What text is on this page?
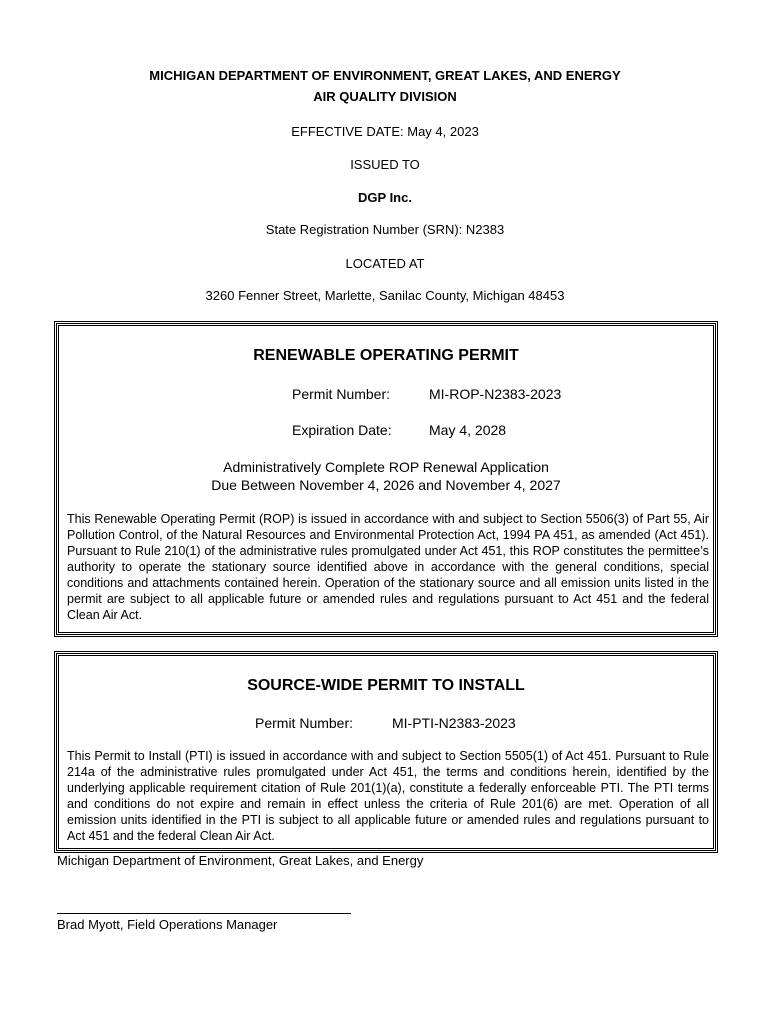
MICHIGAN DEPARTMENT OF ENVIRONMENT, GREAT LAKES, AND ENERGY
AIR QUALITY DIVISION
EFFECTIVE DATE: May 4, 2023
ISSUED TO
DGP Inc.
State Registration Number (SRN): N2383
LOCATED AT
3260 Fenner Street, Marlette, Sanilac County, Michigan 48453
RENEWABLE OPERATING PERMIT
Permit Number:	MI-ROP-N2383-2023
Expiration Date:	May 4, 2028
Administratively Complete ROP Renewal Application
Due Between November 4, 2026 and November 4, 2027
This Renewable Operating Permit (ROP) is issued in accordance with and subject to Section 5506(3) of Part 55, Air Pollution Control, of the Natural Resources and Environmental Protection Act, 1994 PA 451, as amended (Act 451). Pursuant to Rule 210(1) of the administrative rules promulgated under Act 451, this ROP constitutes the permittee’s authority to operate the stationary source identified above in accordance with the general conditions, special conditions and attachments contained herein. Operation of the stationary source and all emission units listed in the permit are subject to all applicable future or amended rules and regulations pursuant to Act 451 and the federal Clean Air Act.
SOURCE-WIDE PERMIT TO INSTALL
Permit Number:	MI-PTI-N2383-2023
This Permit to Install (PTI) is issued in accordance with and subject to Section 5505(1) of Act 451. Pursuant to Rule 214a of the administrative rules promulgated under Act 451, the terms and conditions herein, identified by the underlying applicable requirement citation of Rule 201(1)(a), constitute a federally enforceable PTI. The PTI terms and conditions do not expire and remain in effect unless the criteria of Rule 201(6) are met. Operation of all emission units identified in the PTI is subject to all applicable future or amended rules and regulations pursuant to Act 451 and the federal Clean Air Act.
Michigan Department of Environment, Great Lakes, and Energy
Brad Myott, Field Operations Manager
